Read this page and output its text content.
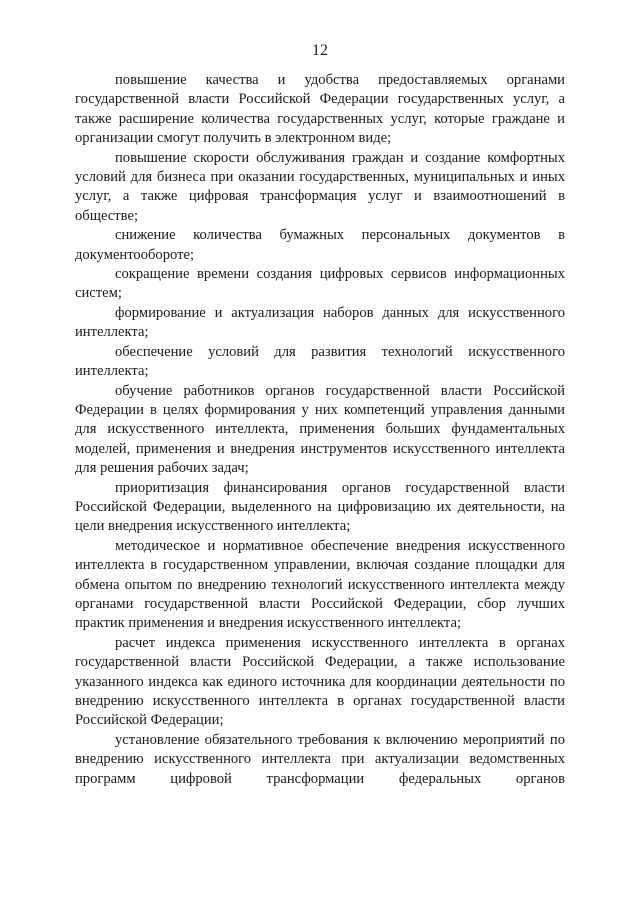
12

повышение качества и удобства предоставляемых органами государственной власти Российской Федерации государственных услуг, а также расширение количества государственных услуг, которые граждане и организации смогут получить в электронном виде;

повышение скорости обслуживания граждан и создание комфортных условий для бизнеса при оказании государственных, муниципальных и иных услуг, а также цифровая трансформация услуг и взаимоотношений в обществе;

снижение количества бумажных персональных документов в документообороте;

сокращение времени создания цифровых сервисов информационных систем;

формирование и актуализация наборов данных для искусственного интеллекта;

обеспечение условий для развития технологий искусственного интеллекта;

обучение работников органов государственной власти Российской Федерации в целях формирования у них компетенций управления данными для искусственного интеллекта, применения больших фундаментальных моделей, применения и внедрения инструментов искусственного интеллекта для решения рабочих задач;

приоритизация финансирования органов государственной власти Российской Федерации, выделенного на цифровизацию их деятельности, на цели внедрения искусственного интеллекта;

методическое и нормативное обеспечение внедрения искусственного интеллекта в государственном управлении, включая создание площадки для обмена опытом по внедрению технологий искусственного интеллекта между органами государственной власти Российской Федерации, сбор лучших практик применения и внедрения искусственного интеллекта;

расчет индекса применения искусственного интеллекта в органах государственной власти Российской Федерации, а также использование указанного индекса как единого источника для координации деятельности по внедрению искусственного интеллекта в органах государственной власти Российской Федерации;

установление обязательного требования к включению мероприятий по внедрению искусственного интеллекта при актуализации ведомственных программ цифровой трансформации федеральных органов
